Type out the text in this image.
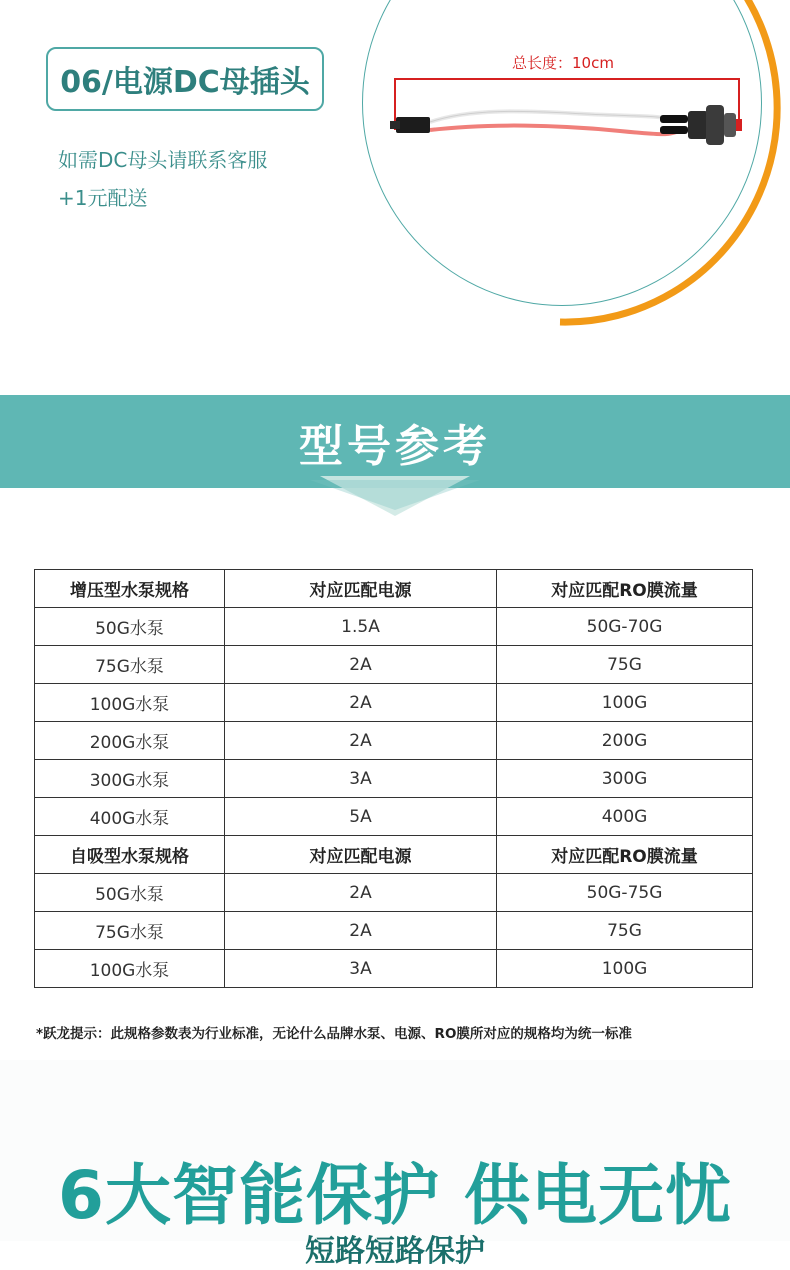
06/电源DC母插头
如需DC母头请联系客服
+1元配送
总长度：10cm
型号参考
增压型水泵规格	对应匹配电源	对应匹配RO膜流量
50G水泵	1.5A	50G-70G
75G水泵	2A	75G
100G水泵	2A	100G
200G水泵	2A	200G
300G水泵	3A	300G
400G水泵	5A	400G
自吸型水泵规格	对应匹配电源	对应匹配RO膜流量
50G水泵	2A	50G-75G
75G水泵	2A	75G
100G水泵	3A	100G
*跃龙提示：此规格参数表为行业标准，无论什么品牌水泵、电源、RO膜所对应的规格均为统一标准
6大智能保护 供电无忧
短路短路保护
